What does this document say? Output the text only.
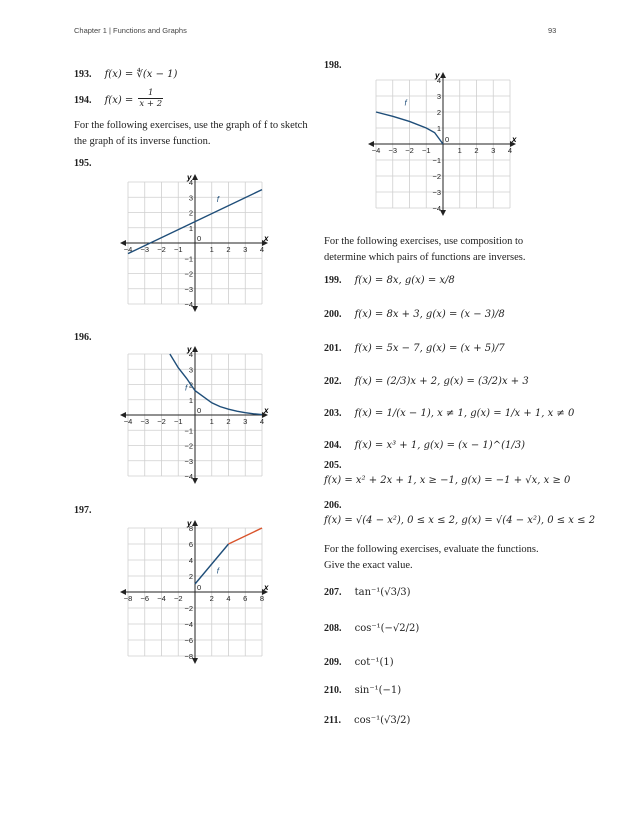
Chapter 1 | Functions and Graphs	93
193. f(x) = ∜(x − 1)
194. $f(x) = \frac{1}{x + 2}$
For the following exercises, use the graph of f to sketch the graph of its inverse function.
195.
x
y
−4 −3 −2 −1
0
1 2 3 4
4
3
2
1
−1
−2
−3
−4
f
196.
x
y
−4 −3 −2 −1
0
1 2 3 4
4
3
2
1
−1
−2
−3
−4
f
197.
x
y
−8 −6 −4 −2
0
2 4 6 8
8
6
4
2
−2
−4
−6
−8
f
198.
x
y
−4 −3 −2 −1
0
1 2 3 4
4
3
2
1
−1
−2
−3
−4
f
For the following exercises, use composition to determine which pairs of functions are inverses.
199. f(x) = 8x, g(x) = x/8
200. f(x) = 8x + 3, g(x) = (x − 3)/8
201. f(x) = 5x − 7, g(x) = (x + 5)/7
202. f(x) = (2/3)x + 2, g(x) = (3/2)x + 3
203. f(x) = 1/(x − 1), x ≠ 1, g(x) = 1/x + 1, x ≠ 0
204. f(x) = x³ + 1, g(x) = (x − 1)^(1/3)
205.
f(x) = x² + 2x + 1, x ≥ −1, g(x) = −1 + √x, x ≥ 0
206.
f(x) = √(4 − x²), 0 ≤ x ≤ 2, g(x) = √(4 − x²), 0 ≤ x ≤ 2
For the following exercises, evaluate the functions. Give the exact value.
207. tan⁻¹(√3/3)
208. cos⁻¹(−√2/2)
209. cot⁻¹(1)
210. sin⁻¹(−1)
211. cos⁻¹(√3/2)
